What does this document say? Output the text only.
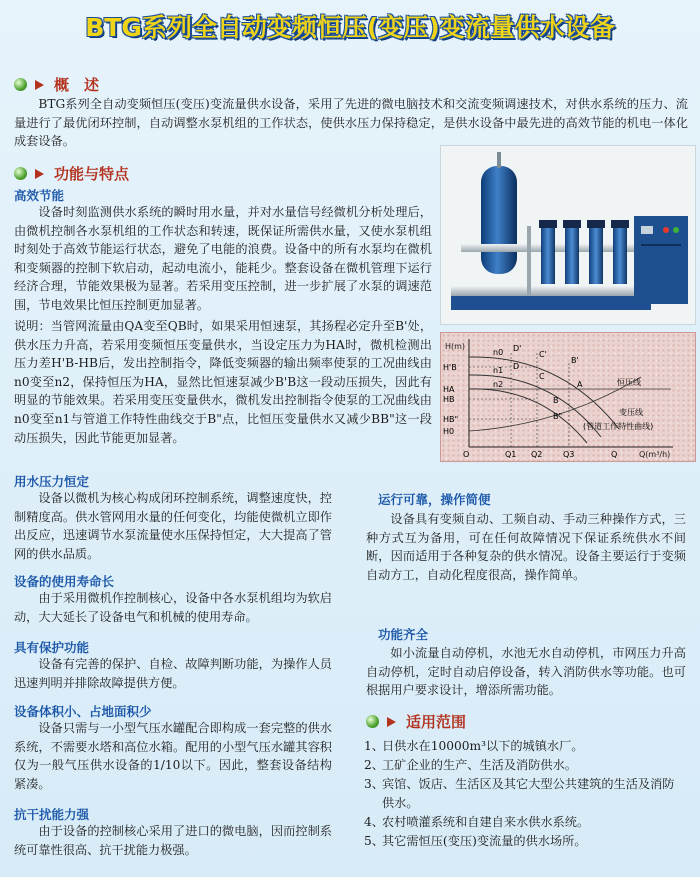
BTG系列全自动变频恒压(变压)变流量供水设备
概　述

BTG系列全自动变频恒压(变压)变流量供水设备，采用了先进的微电脑技术和交流变频调速技术，对供水系统的压力、流量进行了最优闭环控制，自动调整水泵机组的工作状态，使供水压力保持稳定，是供水设备中最先进的高效节能的机电一体化成套设备。

功能与特点
高效节能

设备时刻监测供水系统的瞬时用水量，并对水量信号经微机分析处理后，由微机控制各水泵机组的工作状态和转速，既保证所需供水量，又使水泵机组时刻处于高效节能运行状态，避免了电能的浪费。设备中的所有水泵均在微机和变频器的控制下软启动，起动电流小，能耗少。整套设备在微机管理下运行经济合理，节能效果极为显著。若采用变压控制，进一步扩展了水泵的调速范围，节电效果比恒压控制更加显著。

说明：当管网流量由QA变至QB时，如果采用恒速泵，其扬程必定升至B'处，供水压力升高，若采用变频恒压变量供水，当设定压力为HA时，微机检测出压力差H'B-HB后，发出控制指令，降低变频器的输出频率使泵的工况曲线由n0变至n2，保持恒压为HA，显然比恒速泵减少B'B这一段动压损失，因此有明显的节能效果。若采用变压变量供水，微机发出控制指令使泵的工况曲线由n0变至n1与管道工作特性曲线交于B"点，比恒压变量供水又减少BB"这一段动压损失，因此节能更加显著。

H(m)
Q(m³/h)
H'B
HA
HB
HB"
H0
O	Q1 Q2	Q3	Q
D'
D
C'
C
B'
A
B
B"
n0
n1
n2	恒压线
变压线
(管道工作特性曲线)
用水压力恒定

设备以微机为核心构成闭环控制系统，调整速度快，控制精度高。供水管网用水量的任何变化，均能使微机立即作出反应，迅速调节水泵流量使水压保持恒定，大大提高了管网的供水品质。

设备的使用寿命长

由于采用微机作控制核心，设备中各水泵机组均为软启动，大大延长了设备电气和机械的使用寿命。

具有保护功能

设备有完善的保护、自检、故障判断功能，为操作人员迅速判明并排除故障提供方便。

设备体积小、占地面积少

设备只需与一小型气压水罐配合即构成一套完整的供水系统，不需要水塔和高位水箱。配用的小型气压水罐其容积仅为一般气压供水设备的1/10以下。因此，整套设备结构紧凑。

抗干扰能力强

由于设备的控制核心采用了进口的微电脑，因而控制系统可靠性很高、抗干扰能力极强。

运行可靠，操作简便

设备具有变频自动、工频自动、手动三种操作方式，三种方式互为备用，可在任何故障情况下保证系统供水不间断，因而适用于各种复杂的供水情况。设备主要运行于变频自动方工，自动化程度很高，操作简单。

功能齐全

如小流量自动停机，水池无水自动停机，市网压力升高自动停机，定时自动启停设备，转入消防供水等功能。也可根据用户要求设计，增添所需功能。

适用范围
1、
日供水在10000m³以下的城镇水厂。
2、
工矿企业的生产、生活及消防供水。
3、
宾馆、饭店、生活区及其它大型公共建筑的生活及消防供水。
4、
农村喷灌系统和自建自来水供水系统。
5、
其它需恒压(变压)变流量的供水场所。
